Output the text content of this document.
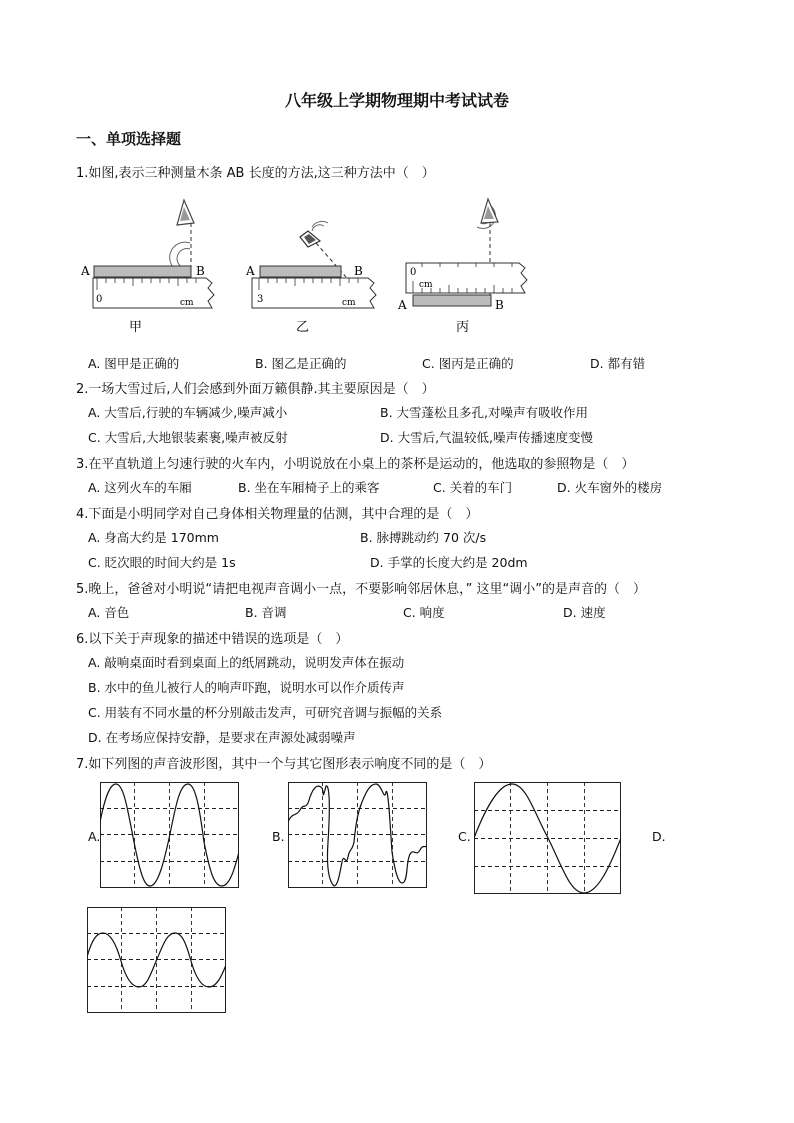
八年级上学期物理期中考试试卷
一、单项选择题
1.如图,表示三种测量木条 AB 长度的方法,这三种方法中（　）
A	B
0	cm
甲
A	B
3	cm
乙
0
cm
A	B
丙
A. 图甲是正确的	B. 图乙是正确的	C. 图丙是正确的	D. 都有错
2.一场大雪过后,人们会感到外面万籁俱静.其主要原因是（　）
A. 大雪后,行驶的车辆减少,噪声减小	B. 大雪蓬松且多孔,对噪声有吸收作用
C. 大雪后,大地银装素裹,噪声被反射	D. 大雪后,气温较低,噪声传播速度变慢
3.在平直轨道上匀速行驶的火车内，小明说放在小桌上的茶杯是运动的，他选取的参照物是（　）
A. 这列火车的车厢	B. 坐在车厢椅子上的乘客	C. 关着的车门	D. 火车窗外的楼房
4.下面是小明同学对自己身体相关物理量的估测，其中合理的是（　）
A. 身高大约是 170mm	B. 脉搏跳动约 70 次/s
C. 眨次眼的时间大约是 1s	D. 手掌的长度大约是 20dm
5.晚上，爸爸对小明说“请把电视声音调小一点，不要影响邻居休息，” 这里“调小”的是声音的（　）
A. 音色	B. 音调	C. 响度	D. 速度
6.以下关于声现象的描述中错误的选项是（　）
A. 敲响桌面时看到桌面上的纸屑跳动，说明发声体在振动
B. 水中的鱼儿被行人的响声吓跑，说明水可以作介质传声
C. 用装有不同水量的杯分别敲击发声，可研究音调与振幅的关系
D. 在考场应保持安静，是要求在声源处减弱噪声
7.如下列图的声音波形图，其中一个与其它图形表示响度不同的是（　）
A.	B.	C.	D.
